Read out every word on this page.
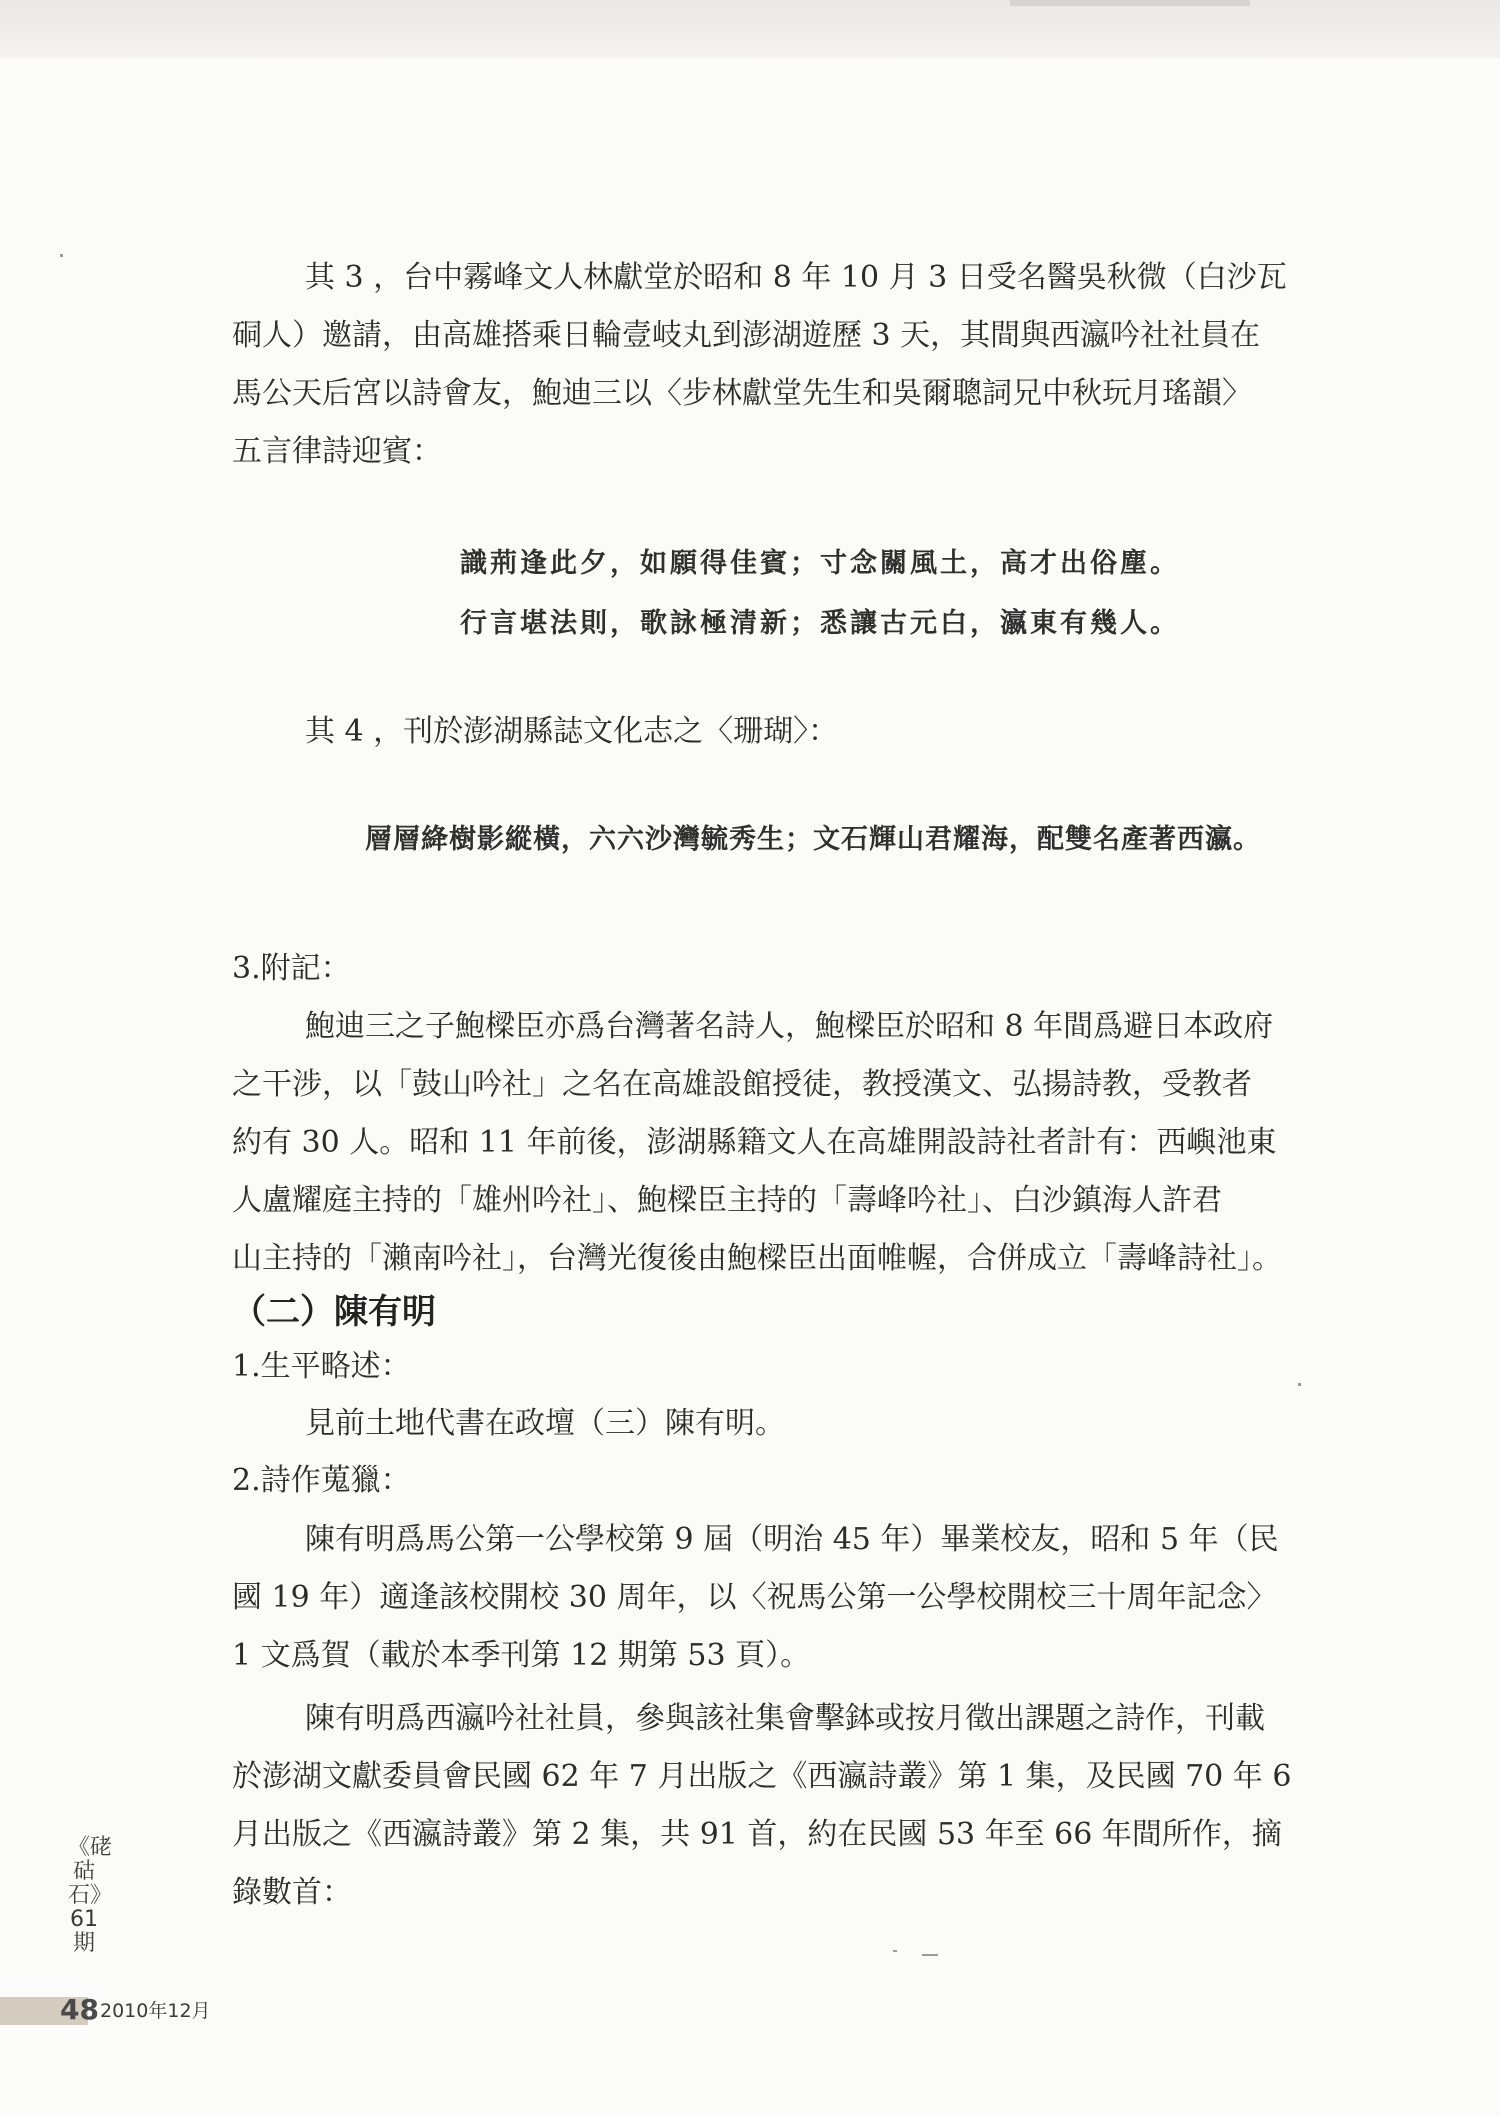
其 3 ，台中霧峰文人林獻堂於昭和 8 年 10 月 3 日受名醫吳秋微（白沙瓦
硐人）邀請，由高雄搭乘日輪壹岐丸到澎湖遊歷 3 天，其間與西瀛吟社社員在
馬公天后宮以詩會友，鮑迪三以〈步林獻堂先生和吳爾聰詞兄中秋玩月瑤韻〉
五言律詩迎賓：
識荊逢此夕，如願得佳賓；寸念關風土，高才出俗塵。
行言堪法則，歌詠極清新；悉讓古元白，瀛東有幾人。
其 4 ，刊於澎湖縣誌文化志之〈珊瑚〉：
層層絳樹影縱橫，六六沙灣毓秀生；文石輝山君耀海，配雙名產著西瀛。
3.附記：
鮑迪三之子鮑樑臣亦爲台灣著名詩人，鮑樑臣於昭和 8 年間爲避日本政府
之干涉，以「鼓山吟社」之名在高雄設館授徒，教授漢文、弘揚詩教，受教者
約有 30 人。昭和 11 年前後，澎湖縣籍文人在高雄開設詩社者計有：西嶼池東
人盧耀庭主持的「雄州吟社」、鮑樑臣主持的「壽峰吟社」、白沙鎮海人許君
山主持的「瀨南吟社」，台灣光復後由鮑樑臣出面帷幄，合併成立「壽峰詩社」。
（二）陳有明
1.生平略述：
見前土地代書在政壇（三）陳有明。
2.詩作蒐獵：
陳有明爲馬公第一公學校第 9 屆（明治 45 年）畢業校友，昭和 5 年（民
國 19 年）適逢該校開校 30 周年，以〈祝馬公第一公學校開校三十周年記念〉
1 文爲賀（載於本季刊第 12 期第 53 頁）。
陳有明爲西瀛吟社社員，參與該社集會擊鉢或按月徵出課題之詩作，刊載
於澎湖文獻委員會民國 62 年 7 月出版之《西瀛詩叢》第 1 集，及民國 70 年 6
月出版之《西瀛詩叢》第 2 集，共 91 首，約在民國 53 年至 66 年間所作，摘
錄數首：
《硓𥑮石》61期
48 2010年12月
